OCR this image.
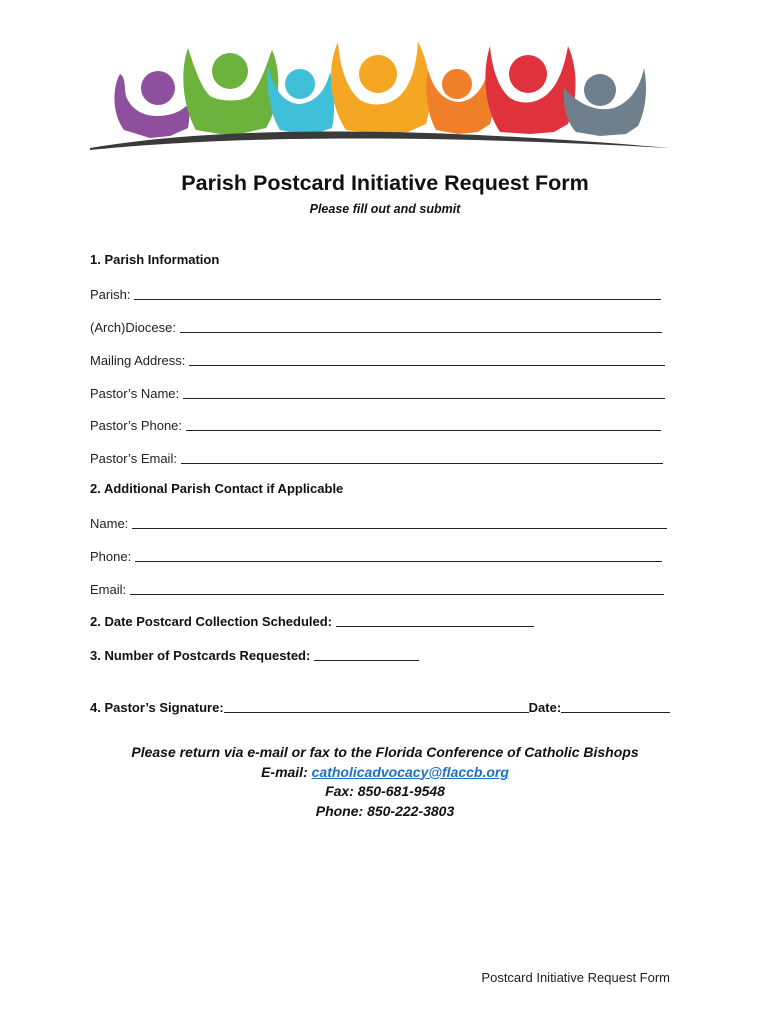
Parish Postcard Initiative Request Form
Please fill out and submit
1. Parish Information
Parish:
(Arch)Diocese:
Mailing Address:
Pastor’s Name:
Pastor’s Phone:
Pastor’s Email:
2. Additional Parish Contact if Applicable
Name:
Phone:
Email:
2. Date Postcard Collection Scheduled:
3. Number of Postcards Requested:
4. Pastor’s Signature:	Date:
Please return via e-mail or fax to the Florida Conference of Catholic Bishops
E-mail: catholicadvocacy@flaccb.org
Fax: 850-681-9548
Phone: 850-222-3803
Postcard Initiative Request Form
